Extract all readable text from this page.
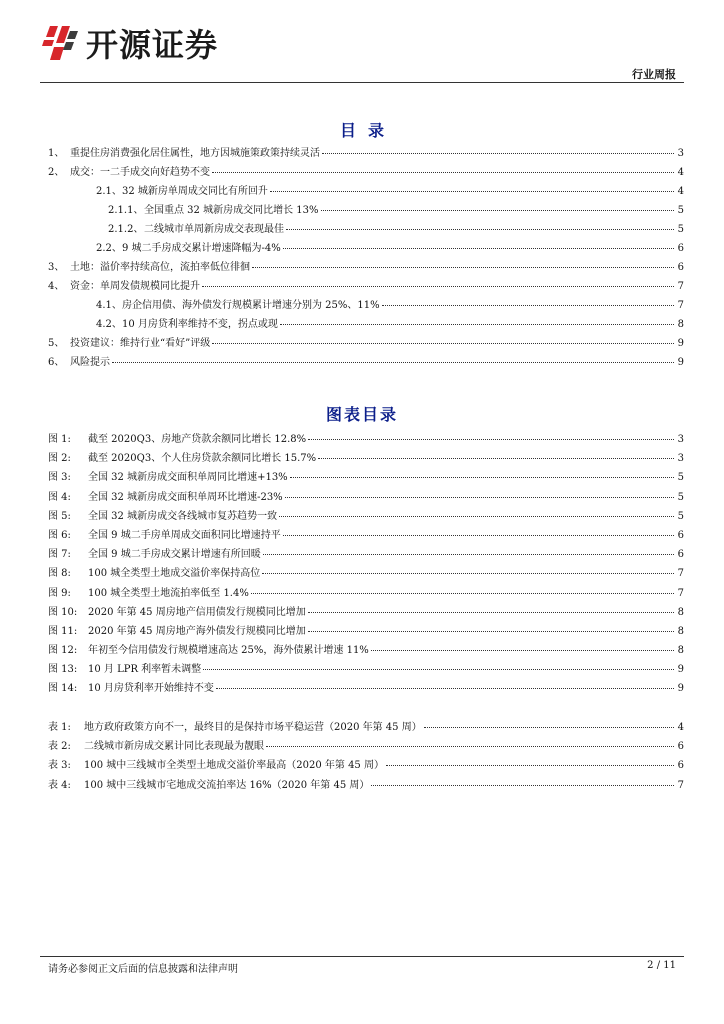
开源证券
行业周报
目录
1、 重提住房消费强化居住属性，地方因城施策政策持续灵活	3
2、 成交：一二手成交向好趋势不变	4
2.1、 32 城新房单周成交同比有所回升	4
2.1.1、 全国重点 32 城新房成交同比增长 13%	5
2.1.2、 二线城市单周新房成交表现最佳	5
2.2、 9 城二手房成交累计增速降幅为-4%	6
3、 土地：溢价率持续高位，流拍率低位徘徊	6
4、 资金：单周发债规模同比提升	7
4.1、 房企信用债、海外债发行规模累计增速分别为 25%、11%	7
4.2、 10 月房贷利率维持不变，拐点或现	8
5、 投资建议：维持行业“看好”评级	9
6、 风险提示	9
图表目录
图 1:	截至 2020Q3、房地产贷款余额同比增长 12.8%	3
图 2:	截至 2020Q3、个人住房贷款余额同比增长 15.7%	3
图 3:	全国 32 城新房成交面积单周同比增速+13%	5
图 4:	全国 32 城新房成交面积单周环比增速-23%	5
图 5:	全国 32 城新房成交各线城市复苏趋势一致	5
图 6:	全国 9 城二手房单周成交面积同比增速持平	6
图 7:	全国 9 城二手房成交累计增速有所回暖	6
图 8:	100 城全类型土地成交溢价率保持高位	7
图 9:	100 城全类型土地流拍率低至 1.4%	7
图 10:	2020 年第 45 周房地产信用债发行规模同比增加	8
图 11:	2020 年第 45 周房地产海外债发行规模同比增加	8
图 12:	年初至今信用债发行规模增速高达 25%，海外债累计增速 11%	8
图 13:	10 月 LPR 利率暂未调整	9
图 14:	10 月房贷利率开始维持不变	9
表 1:	地方政府政策方向不一，最终目的是保持市场平稳运营（2020 年第 45 周）	4
表 2:	二线城市新房成交累计同比表现最为靓眼	6
表 3:	100 城中三线城市全类型土地成交溢价率最高（2020 年第 45 周）	6
表 4:	100 城中三线城市宅地成交流拍率达 16%（2020 年第 45 周）	7
请务必参阅正文后面的信息披露和法律声明	2 / 11
